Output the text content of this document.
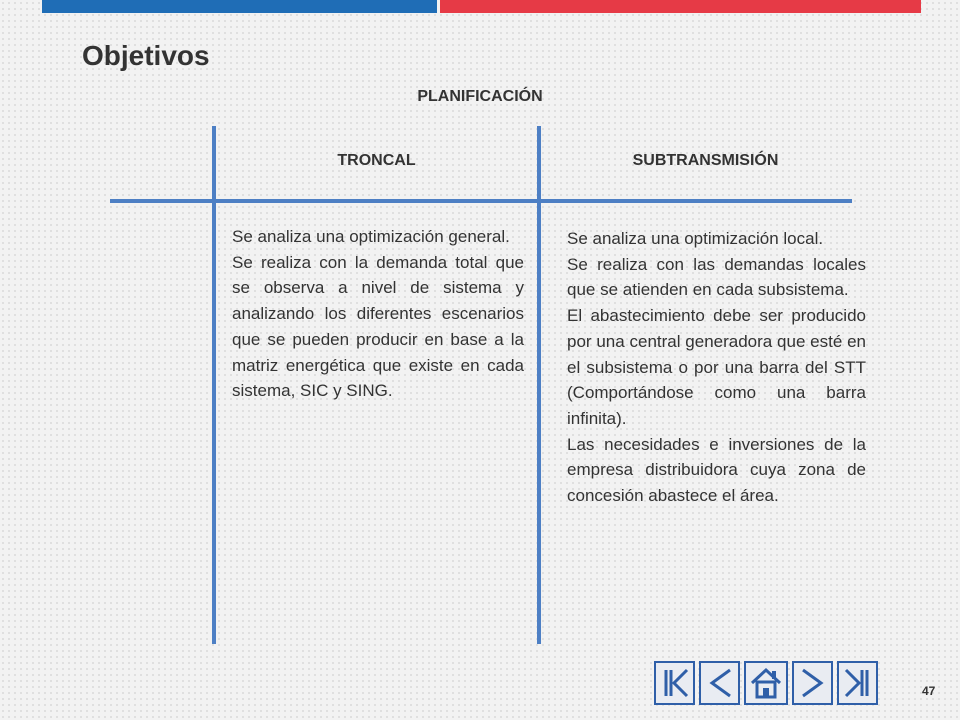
Objetivos
PLANIFICACIÓN
TRONCAL	SUBTRANSMISIÓN

Se analiza una optimización general.

Se realiza con la demanda total que se observa a nivel de sistema y analizando los diferentes escenarios que se pueden producir en base a la matriz energética que existe en cada sistema, SIC y SING.

Se analiza una optimización local.

Se realiza con las demandas locales que se atienden en cada subsistema.

El abastecimiento debe ser producido por una central generadora que esté en el subsistema o por una barra del STT (Comportándose como una barra infinita).

Las necesidades e inversiones de la empresa distribuidora cuya zona de concesión abastece el área.

47
